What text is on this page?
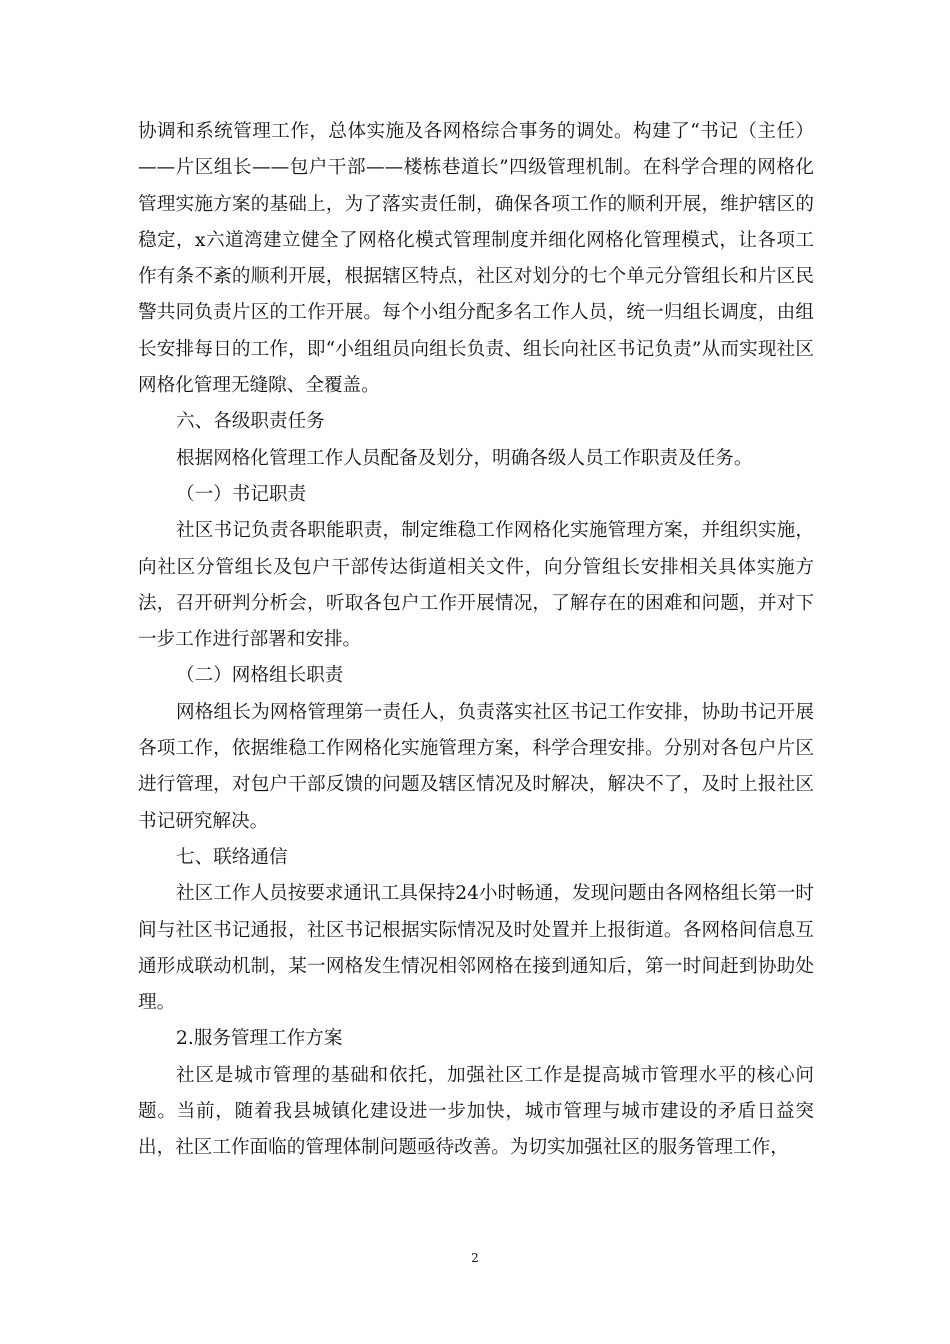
协调和系统管理工作，总体实施及各网格综合事务的调处。构建了“书记（主任）——片区组长——包户干部——楼栋巷道长”四级管理机制。在科学合理的网格化管理实施方案的基础上，为了落实责任制，确保各项工作的顺利开展，维护辖区的稳定，x六道湾建立健全了网格化模式管理制度并细化网格化管理模式，让各项工作有条不紊的顺利开展，根据辖区特点，社区对划分的七个单元分管组长和片区民警共同负责片区的工作开展。每个小组分配多名工作人员，统一归组长调度，由组长安排每日的工作，即“小组组员向组长负责、组长向社区书记负责”从而实现社区网格化管理无缝隙、全覆盖。

六、各级职责任务

根据网格化管理工作人员配备及划分，明确各级人员工作职责及任务。

（一）书记职责

社区书记负责各职能职责，制定维稳工作网格化实施管理方案，并组织实施，向社区分管组长及包户干部传达街道相关文件，向分管组长安排相关具体实施方法，召开研判分析会，听取各包户工作开展情况，了解存在的困难和问题，并对下一步工作进行部署和安排。

（二）网格组长职责

网格组长为网格管理第一责任人，负责落实社区书记工作安排，协助书记开展各项工作，依据维稳工作网格化实施管理方案，科学合理安排。分别对各包户片区进行管理，对包户干部反馈的问题及辖区情况及时解决，解决不了，及时上报社区书记研究解决。

七、联络通信

社区工作人员按要求通讯工具保持24小时畅通，发现问题由各网格组长第一时间与社区书记通报，社区书记根据实际情况及时处置并上报街道。各网格间信息互通形成联动机制，某一网格发生情况相邻网格在接到通知后，第一时间赶到协助处理。

2.服务管理工作方案

社区是城市管理的基础和依托，加强社区工作是提高城市管理水平的核心问题。当前，随着我县城镇化建设进一步加快，城市管理与城市建设的矛盾日益突出，社区工作面临的管理体制问题亟待改善。为切实加强社区的服务管理工作，

2
